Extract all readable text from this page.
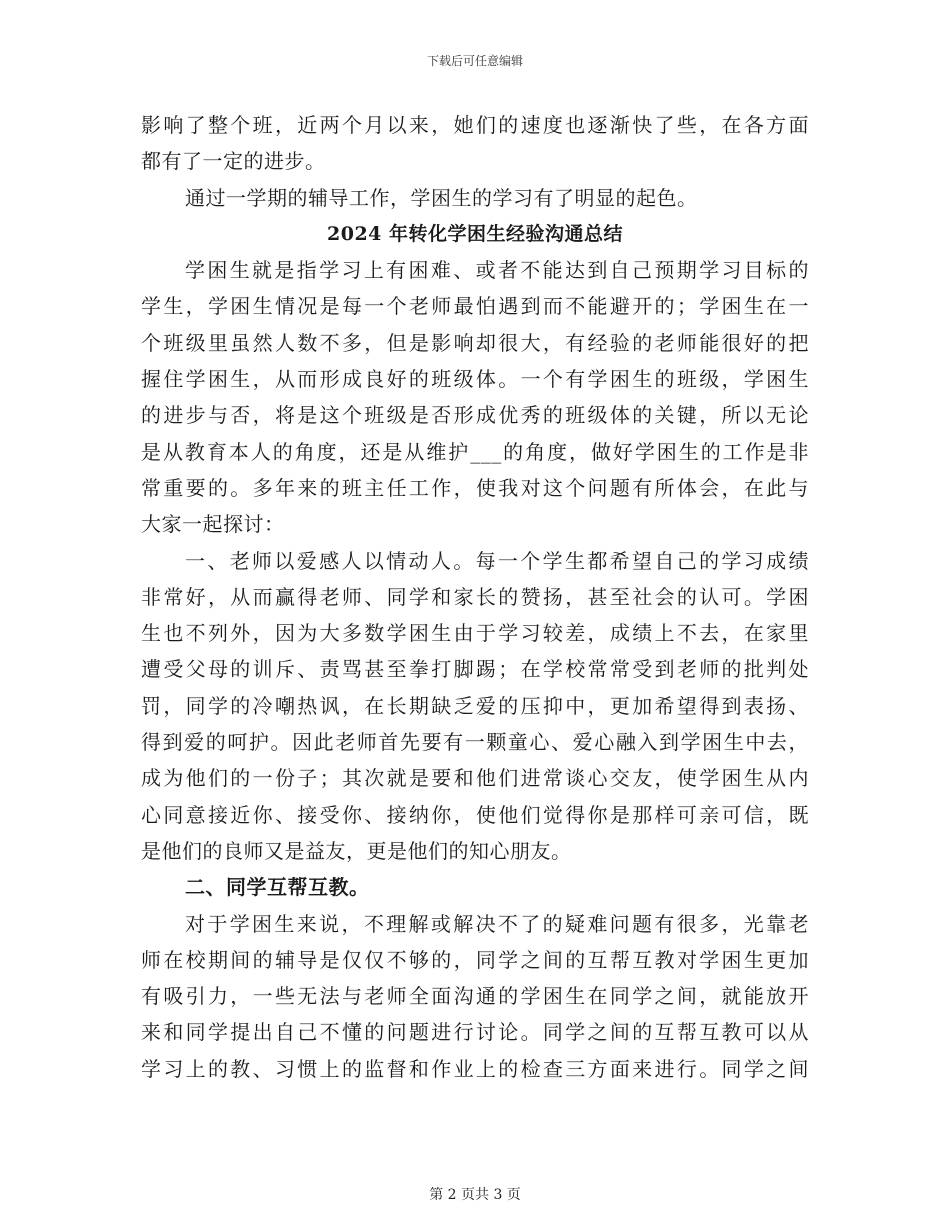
下载后可任意编辑
影响了整个班，近两个月以来，她们的速度也逐渐快了些，在各方面
都有了一定的进步。
通过一学期的辅导工作，学困生的学习有了明显的起色。
2024 年转化学困生经验沟通总结
学困生就是指学习上有困难、或者不能达到自己预期学习目标的
学生，学困生情况是每一个老师最怕遇到而不能避开的；学困生在一
个班级里虽然人数不多，但是影响却很大，有经验的老师能很好的把
握住学困生，从而形成良好的班级体。一个有学困生的班级，学困生
的进步与否，将是这个班级是否形成优秀的班级体的关键，所以无论
是从教育本人的角度，还是从维护___的角度，做好学困生的工作是非
常重要的。多年来的班主任工作，使我对这个问题有所体会，在此与
大家一起探讨：
一、老师以爱感人以情动人。每一个学生都希望自己的学习成绩
非常好，从而赢得老师、同学和家长的赞扬，甚至社会的认可。学困
生也不列外，因为大多数学困生由于学习较差，成绩上不去，在家里
遭受父母的训斥、责骂甚至拳打脚踢；在学校常常受到老师的批判处
罚，同学的冷嘲热讽，在长期缺乏爱的压抑中，更加希望得到表扬、
得到爱的呵护。因此老师首先要有一颗童心、爱心融入到学困生中去，
成为他们的一份子；其次就是要和他们进常谈心交友，使学困生从内
心同意接近你、接受你、接纳你，使他们觉得你是那样可亲可信，既
是他们的良师又是益友，更是他们的知心朋友。
二、同学互帮互教。
对于学困生来说，不理解或解决不了的疑难问题有很多，光靠老
师在校期间的辅导是仅仅不够的，同学之间的互帮互教对学困生更加
有吸引力，一些无法与老师全面沟通的学困生在同学之间，就能放开
来和同学提出自己不懂的问题进行讨论。同学之间的互帮互教可以从
学习上的教、习惯上的监督和作业上的检查三方面来进行。同学之间
第 2 页共 3 页
